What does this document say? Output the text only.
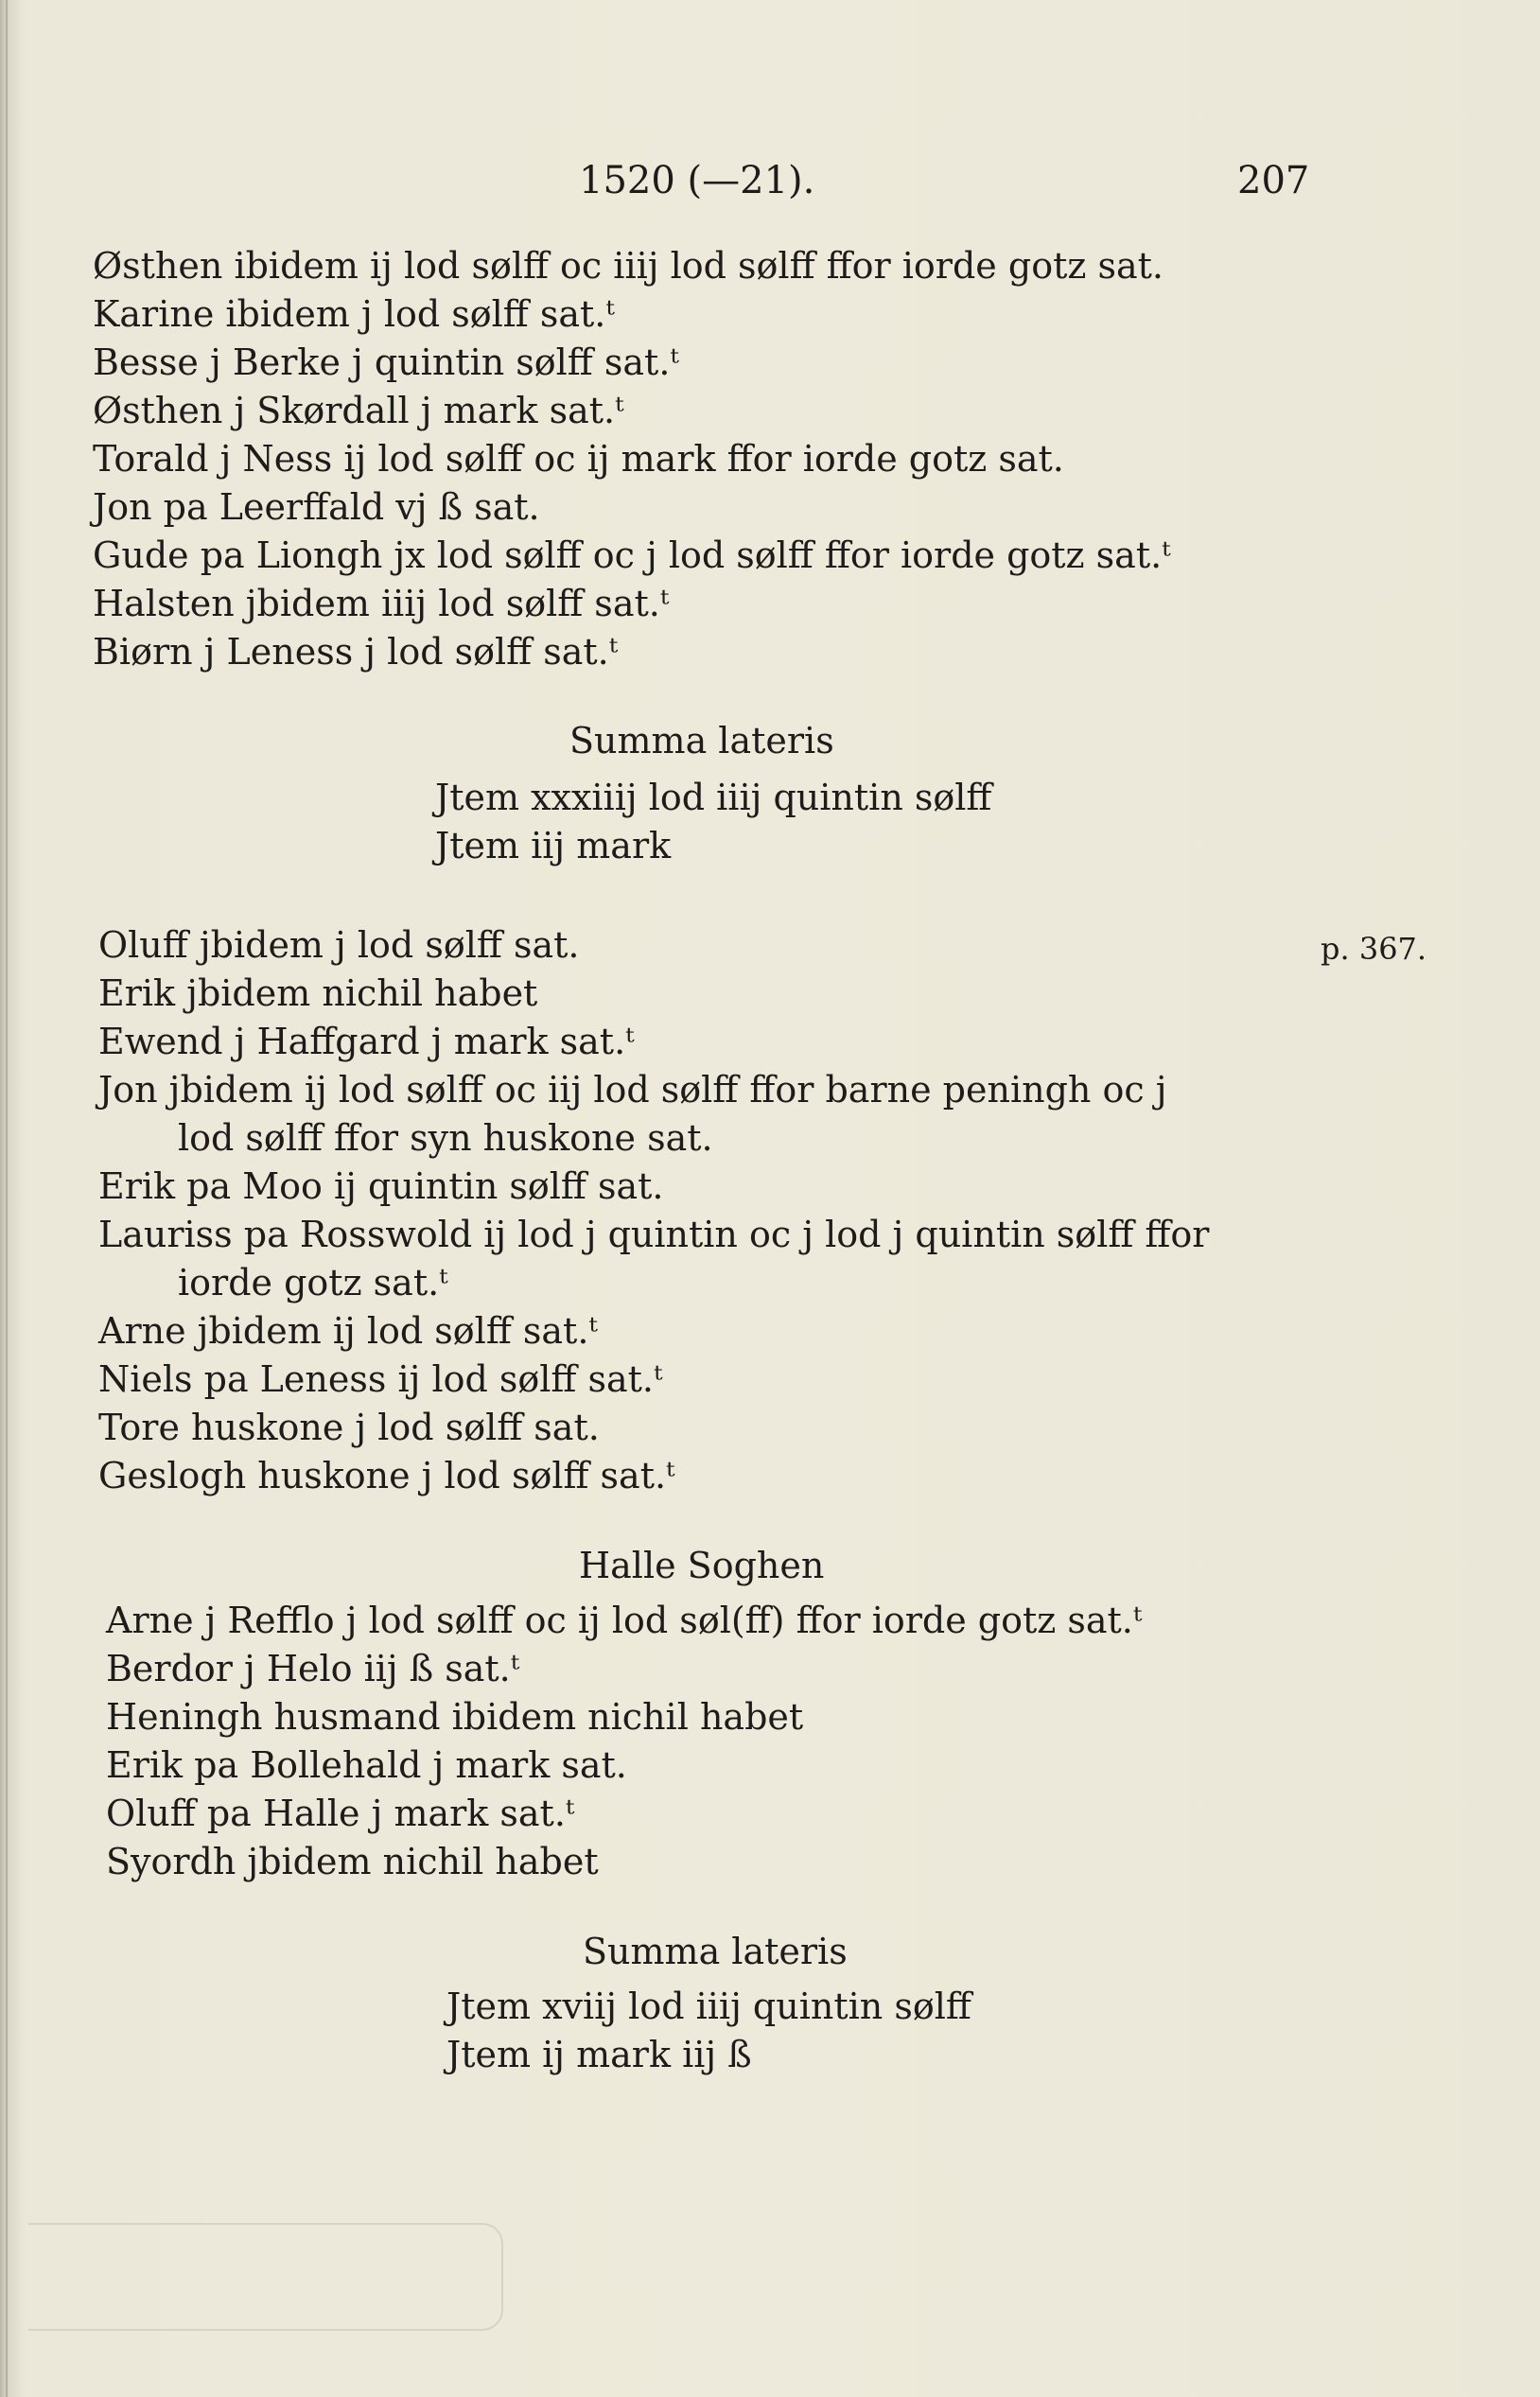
1520 (—21).	207
Østhen ibidem ij lod sølff oc iiij lod sølff ffor iorde gotz sat.
Karine ibidem j lod sølff sat.ᵗ
Besse j Berke j quintin sølff sat.ᵗ
Østhen j Skørdall j mark sat.ᵗ
Torald j Ness ij lod sølff oc ij mark ffor iorde gotz sat.
Jon pa Leerffald vj ß sat.
Gude pa Liongh jx lod sølff oc j lod sølff ffor iorde gotz sat.ᵗ
Halsten jbidem iiij lod sølff sat.ᵗ
Biørn j Leness j lod sølff sat.ᵗ
Summa lateris
Jtem xxxiiij lod iiij quintin sølff
Jtem iij mark
Oluff jbidem j lod sølff sat.	p. 367.
Erik jbidem nichil habet
Ewend j Haffgard j mark sat.ᵗ
Jon jbidem ij lod sølff oc iij lod sølff ffor barne peningh oc j
lod sølff ffor syn huskone sat.
Erik pa Moo ij quintin sølff sat.
Lauriss pa Rosswold ij lod j quintin oc j lod j quintin sølff ffor
iorde gotz sat.ᵗ
Arne jbidem ij lod sølff sat.ᵗ
Niels pa Leness ij lod sølff sat.ᵗ
Tore huskone j lod sølff sat.
Geslogh huskone j lod sølff sat.ᵗ
Halle Soghen
Arne j Refflo j lod sølff oc ij lod søl(ff) ffor iorde gotz sat.ᵗ
Berdor j Helo iij ß sat.ᵗ
Heningh husmand ibidem nichil habet
Erik pa Bollehald j mark sat.
Oluff pa Halle j mark sat.ᵗ
Syordh jbidem nichil habet
Summa lateris
Jtem xviij lod iiij quintin sølff
Jtem ij mark iij ß
